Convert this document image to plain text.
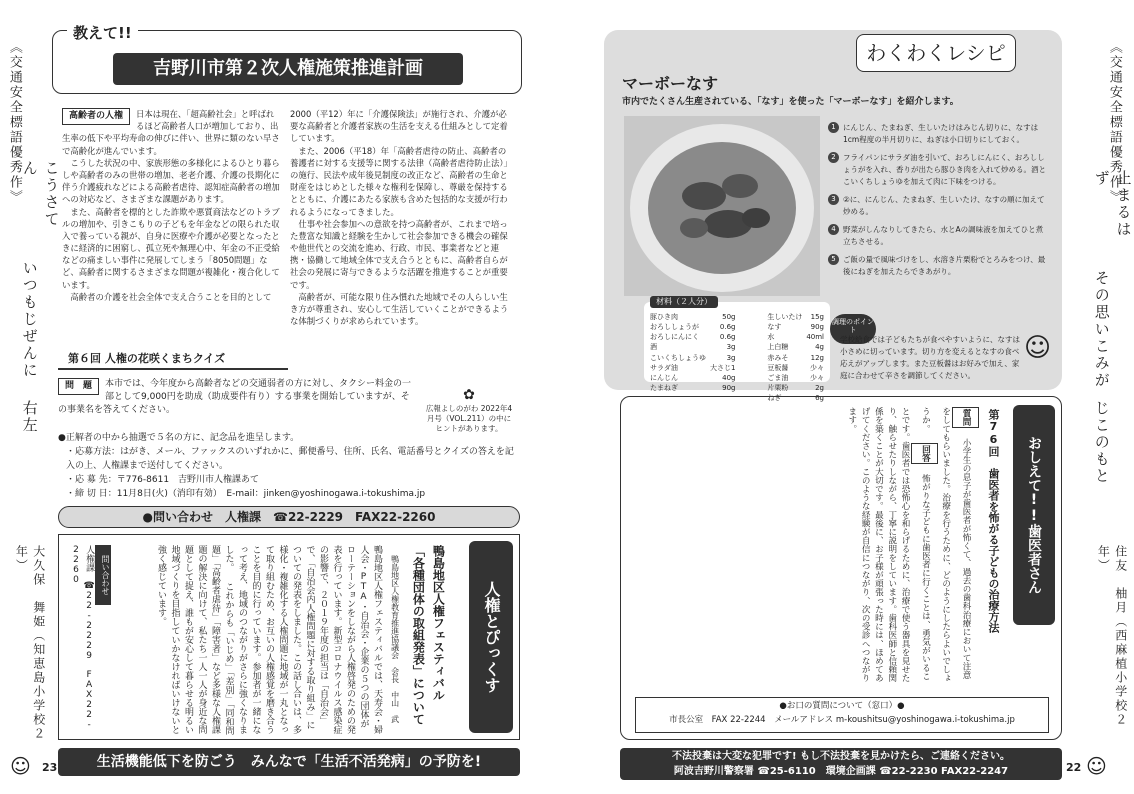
《交通安全標語優秀作》	こうさてん
いつもじぜんに
右左
大久保　舞姫（知恵島小学校２年）
☺ 23
《交通安全標語優秀作》
止まるはず
その思いこみが
じこのもと
住友　柚月（西麻植小学校２年）
22 ☺
教えて!!
吉野川市第２次人権施策推進計画
高齢者の人権	日本は現在、「超高齢社会」と呼ばれるほど高齢者人口が増加しており、出生率の低下や平均寿命の伸びに伴い、世界に類のない早さで高齢化が進んでいます。

こうした状況の中、家族形態の多様化によるひとり暮らしや高齢者のみの世帯の増加、老老介護、介護の長期化に伴う介護疲れなどによる高齢者虐待、認知症高齢者の増加への対応など、さまざまな課題があります。

また、高齢者を標的とした詐欺や悪質商法などのトラブルの増加や、引きこもりの子どもを年金などの限られた収入で養っている親が、自身に医療や介護が必要となったときに経済的に困窮し、孤立死や無理心中、年金の不正受給などの痛ましい事件に発展してしまう「8050問題」など、高齢者に関するさまざまな問題が複雑化・複合化しています。

高齢者の介護を社会全体で支え合うことを目的として

2000（平12）年に「介護保険法」が施行され、介護が必要な高齢者と介護者家族の生活を支える仕組みとして定着しています。

また、2006（平18）年「高齢者虐待の防止、高齢者の養護者に対する支援等に関する法律（高齢者虐待防止法）」の施行、民法や成年後見制度の改正など、高齢者の生命と財産をはじめとした様々な権利を保障し、尊厳を保持するとともに、介護にあたる家族も含めた包括的な支援が行われるようになってきました。

仕事や社会参加への意欲を持つ高齢者が、これまで培った豊富な知識と経験を生かして社会参加できる機会の確保や他世代との交流を進め、行政、市民、事業者などと連携・協働して地域全体で支え合うとともに、高齢者自らが社会の発展に寄与できるような活躍を推進することが重要です。

高齢者が、可能な限り住み慣れた地域でその人らしい生き方が尊重され、安心して生活していくことができるような体制づくりが求められています。

第６回 人権の花咲くまちクイズ
問　題	本市では、今年度から高齢者などの交通弱者の方に対し、タクシー料金の一部として9,000円を助成（助成要件有り）する事業を開始していますが、その事業名を答えてください。
✿
広報よしのがわ 2022年4月号（VOL.211）の中にヒントがあります。
●正解者の中から抽選で５名の方に、記念品を進呈します。
・応募方法：はがき、メール、ファックスのいずれかに、郵便番号、住所、氏名、電話番号とクイズの答えを記入の上、人権課まで送付してください。
・応 募 先：〒776-8611　吉野川市人権課あて
・締 切 日：11月8日(火)（消印有効）　E-mail：jinken@yoshinogawa.i-tokushima.jp
●問い合わせ　人権課　☎22-2229　FAX22-2260
人権とぴっくす
鴨島地区人権フェスティバル
「各種団体の取組発表」について
鴨島地区人権教育推進協議会　会長　中山　武
鴨島地区人権フェスティバルでは、天寿会・婦人会・PTA・自治会・企業の５つの団体がローテーションをしながら人権啓発のための発表を行っています。新型コロナウイルス感染症の影響で、２０１９年度の担当は「自治会」で、「自治会内人権問題に対する取り組み」についての発表をしました。この話し合いは、多様化・複雑化する人権問題に地域が一丸となって取り組むため、お互いの人権感覚を磨き合うことを目的に行っています。参加者が一緒になって考え、地域のつながりがさらに強くなりました。 これからも「いじめ」「差別」「同和問題」「高齢者虐待」「障害者」など多様な人権課題の解決に向けて、私たち一人一人が身近な問題として捉え、誰もが安心して暮らせる明るい地域づくりを目指していかなければいけないと強く感じています。
問い合わせ
人権課　☎22-2229　FAX22-2260
生活機能低下を防ごう　みんなで「生活不活発病」の予防を!
わくわくレシピ
マーボーなす
市内でたくさん生産されている、「なす」を使った「マーボーなす」を紹介します。
1 にんじん、たまねぎ、生しいたけはみじん切りに、なすは1cm程度の半月切りに、ねぎは小口切りにしておく。
2 フライパンにサラダ油を引いて、おろしにんにく、おろししょうがを入れ、香りが出たら豚ひき肉を入れて炒める。酒とこいくちしょうゆを加えて肉に下味をつける。
3 ②に、にんじん、たまねぎ、生しいたけ、なすの順に加えて炒める。
4 野菜がしんなりしてきたら、水とAの調味液を加えてひと煮立ちさせる。
5 ご飯の量で風味づけをし、水溶き片栗粉でとろみをつけ、最後にねぎを加えたらできあがり。
材料（２人分）
豚ひき肉	50g
おろししょうが	0.6g
おろしにんにく	0.6g
酒	3g
こいくちしょうゆ	3g
サラダ油	大さじ1
にんじん	40g
たまねぎ	90g
生しいたけ	15g
なす	90g
水	40ml
上白糖	4g
赤みそ	12g
豆板醤	少々
ごま油	少々
片栗粉	2g
ねぎ	6g
調理のポイント
学校給食では子どもたちが食べやすいように、なすは小さめに切っています。切り方を変えるとなすの食べ応えがアップします。また豆板醤はお好みで加え、家庭に合わせて辛さを調節してください。
☺
おしえて!!歯医者さん
第76回　歯医者を怖がる子どもの治療方法
質問 小学生の息子が歯医者が怖くて、過去の歯科治療において注意をしてもらいました。治療を行うために、どのようにしたらよいでしょうか。 回答 怖がりな子どもに歯医者に行くことは、勇気がいることです。歯医者では恐怖心を和らげるために、治療で使う器具を見せたり、触らせたりしながら、丁寧に説明をしています。歯科医師と信頼関係を築くことが大切です。最後に、お子様が頑張った時には、ほめてあげてください。このような経験が自信につながり、次の受診へつながります。
●お口の質問について（窓口）●
市長公室　FAX 22-2244　メールアドレス m-koushitsu@yoshinogawa.i-tokushima.jp
不法投棄は大変な犯罪です! もし不法投棄を見かけたら、ご連絡ください。
阿波吉野川警察署 ☎25-6110　環境企画課 ☎22-2230 FAX22-2247
